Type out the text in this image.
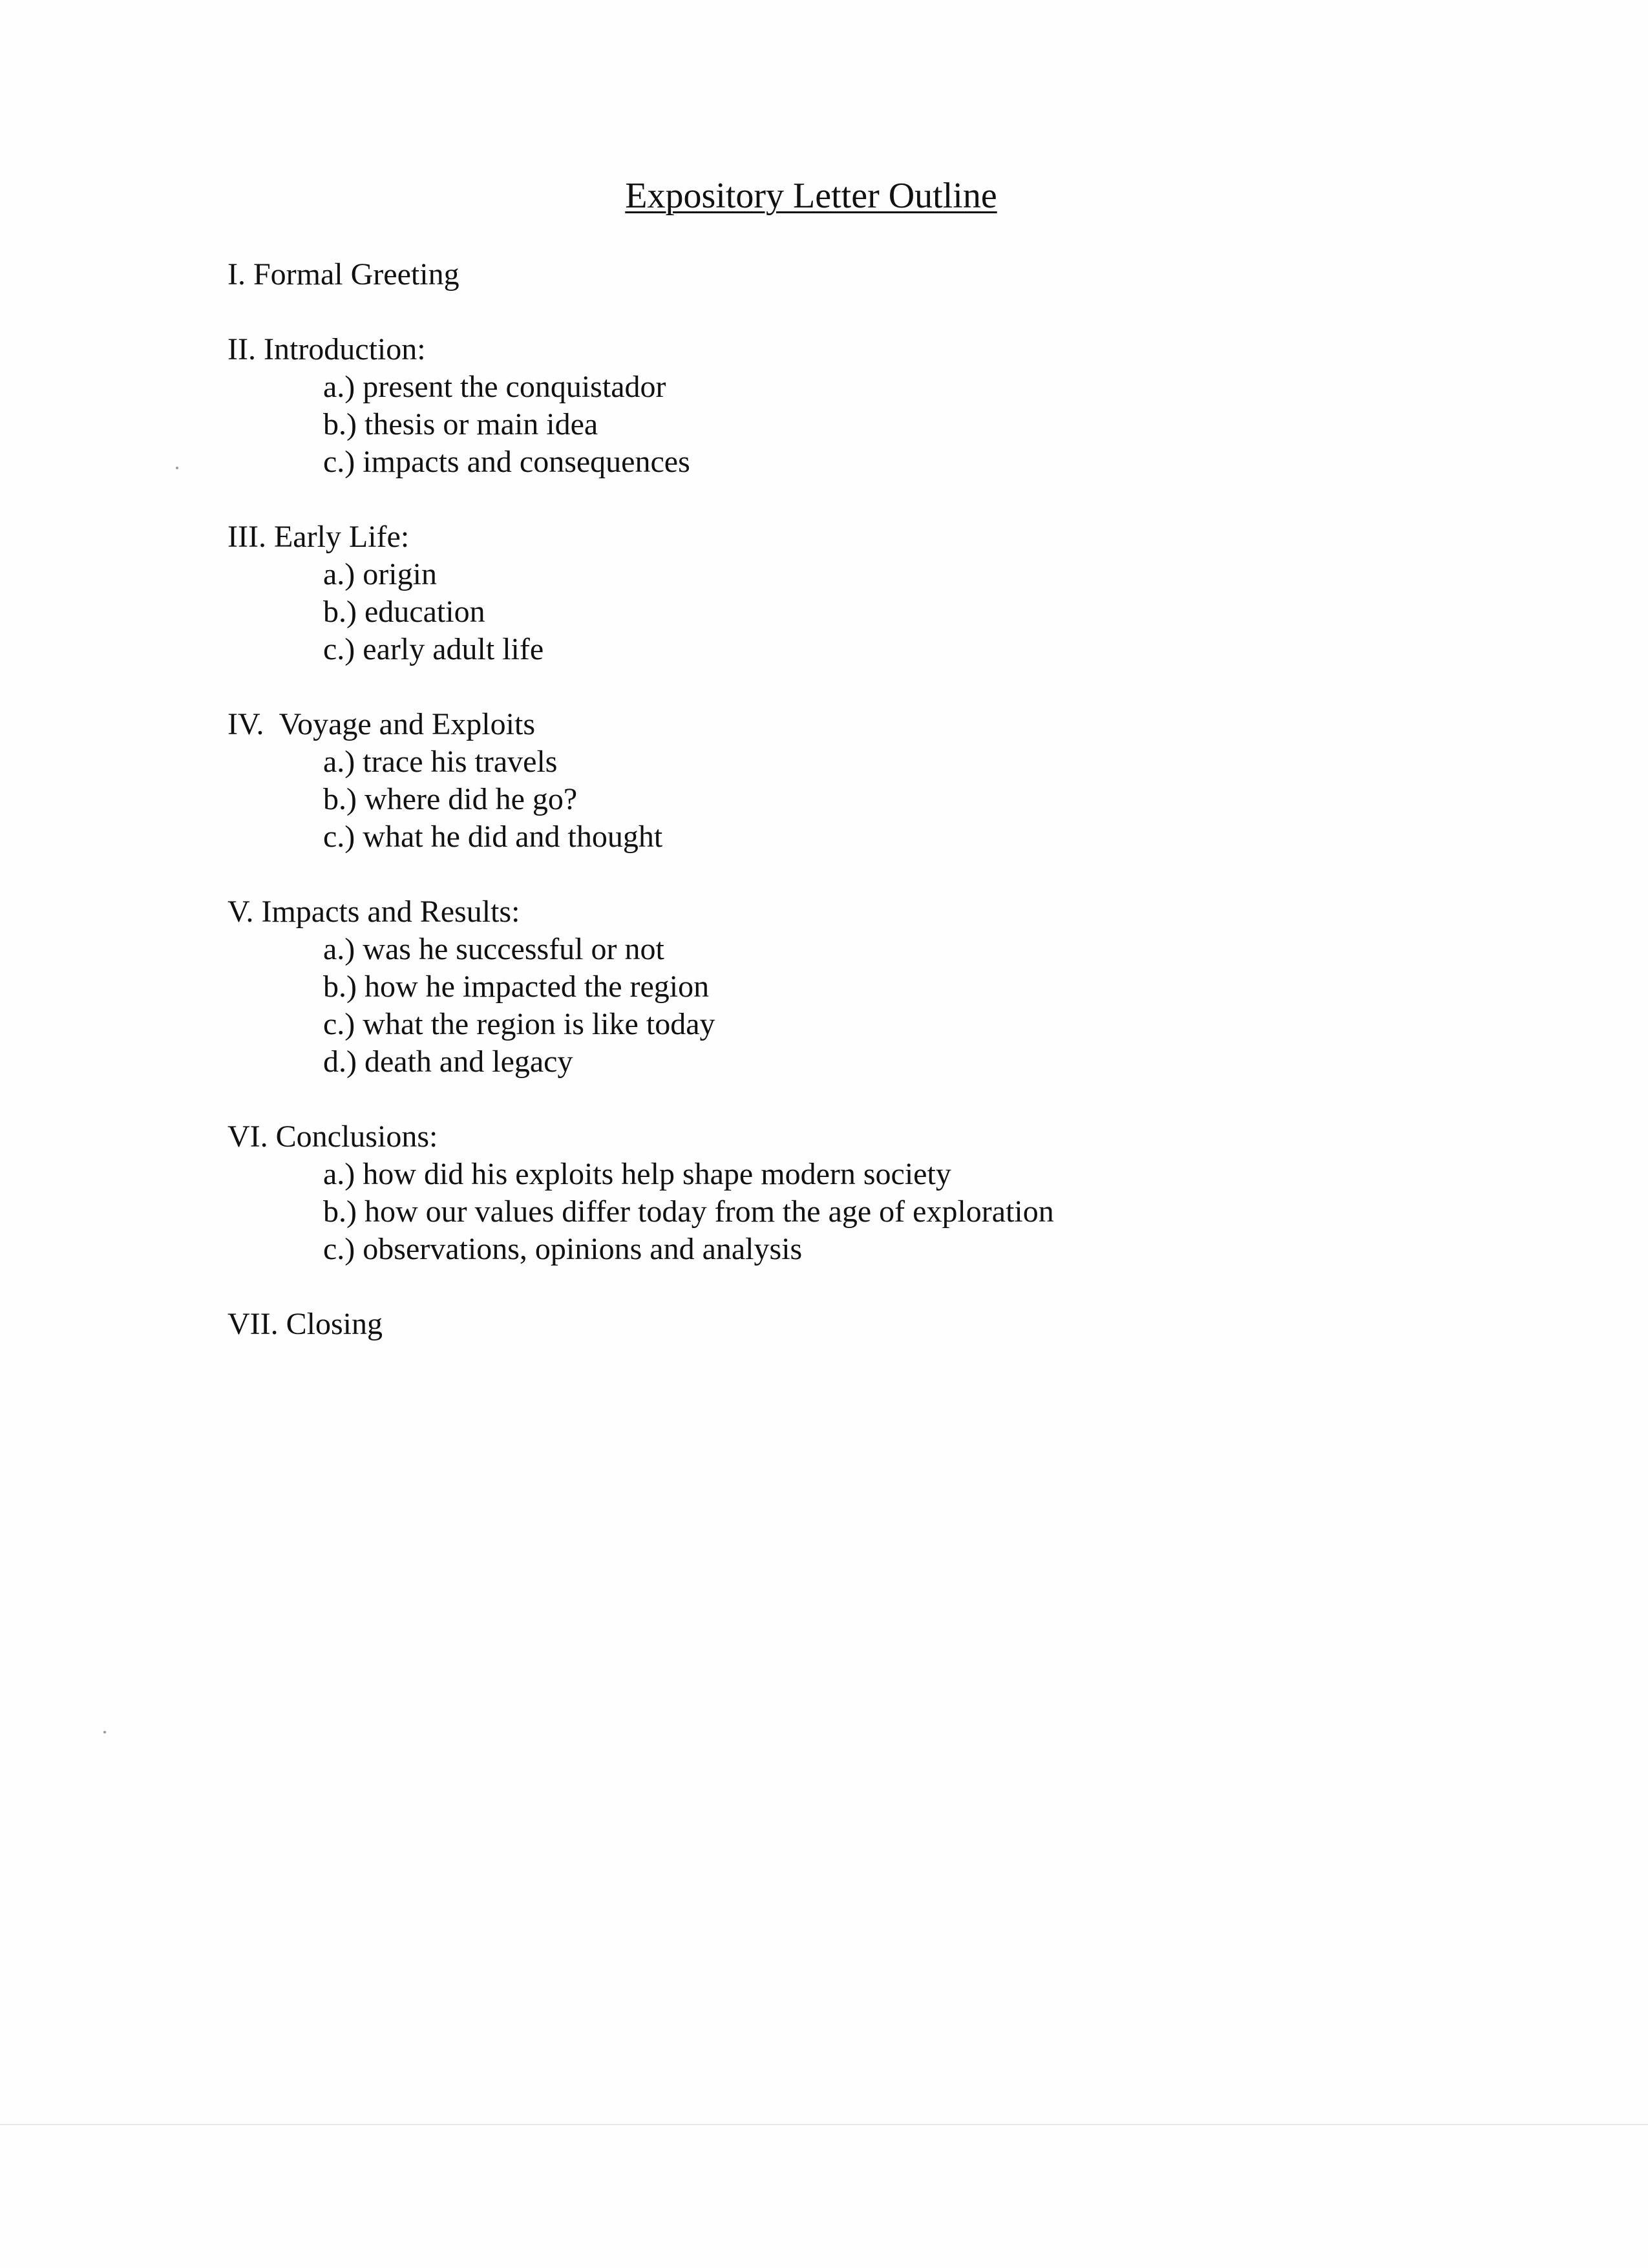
Expository Letter Outline
I. Formal Greeting
II. Introduction:
a.) present the conquistador
b.) thesis or main idea
c.) impacts and consequences
III. Early Life:
a.) origin
b.) education
c.) early adult life
IV.  Voyage and Exploits
a.) trace his travels
b.) where did he go?
c.) what he did and thought
V. Impacts and Results:
a.) was he successful or not
b.) how he impacted the region
c.) what the region is like today
d.) death and legacy
VI. Conclusions:
a.) how did his exploits help shape modern society
b.) how our values differ today from the age of exploration
c.) observations, opinions and analysis
VII. Closing
